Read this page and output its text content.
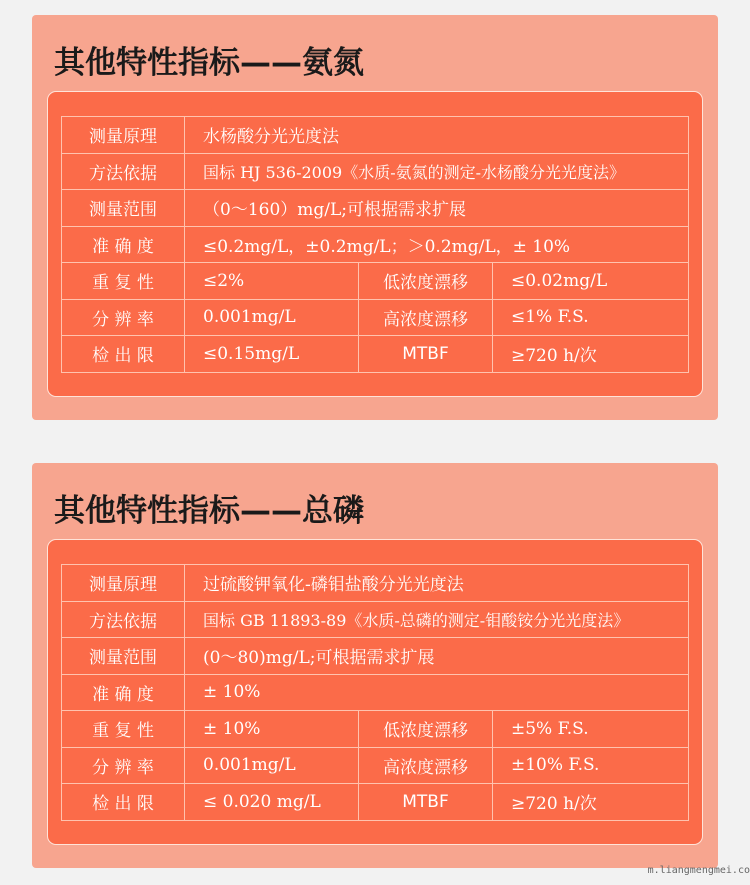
其他特性指标——氨氮
测量原理	水杨酸分光光度法		
方法依据	国标 HJ 536-2009《水质-氨氮的测定-水杨酸分光光度法》		
测量范围	（0～160）mg/L;可根据需求扩展		
准 确 度	≤0.2mg/L，±0.2mg/L；＞0.2mg/L，± 10%		
重 复 性	≤2%	低浓度漂移	≤0.02mg/L
分 辨 率	0.001mg/L	高浓度漂移	≤1% F.S.
检 出 限	≤0.15mg/L	MTBF	≥720 h/次
其他特性指标——总磷
测量原理	过硫酸钾氧化-磷钼盐酸分光光度法		
方法依据	国标 GB 11893-89《水质-总磷的测定-钼酸铵分光光度法》		
测量范围	(0～80)mg/L;可根据需求扩展		
准 确 度	± 10%		
重 复 性	± 10%	低浓度漂移	±5% F.S.
分 辨 率	0.001mg/L	高浓度漂移	±10% F.S.
检 出 限	≤ 0.020 mg/L	MTBF	≥720 h/次
m.liangmengmei.co
